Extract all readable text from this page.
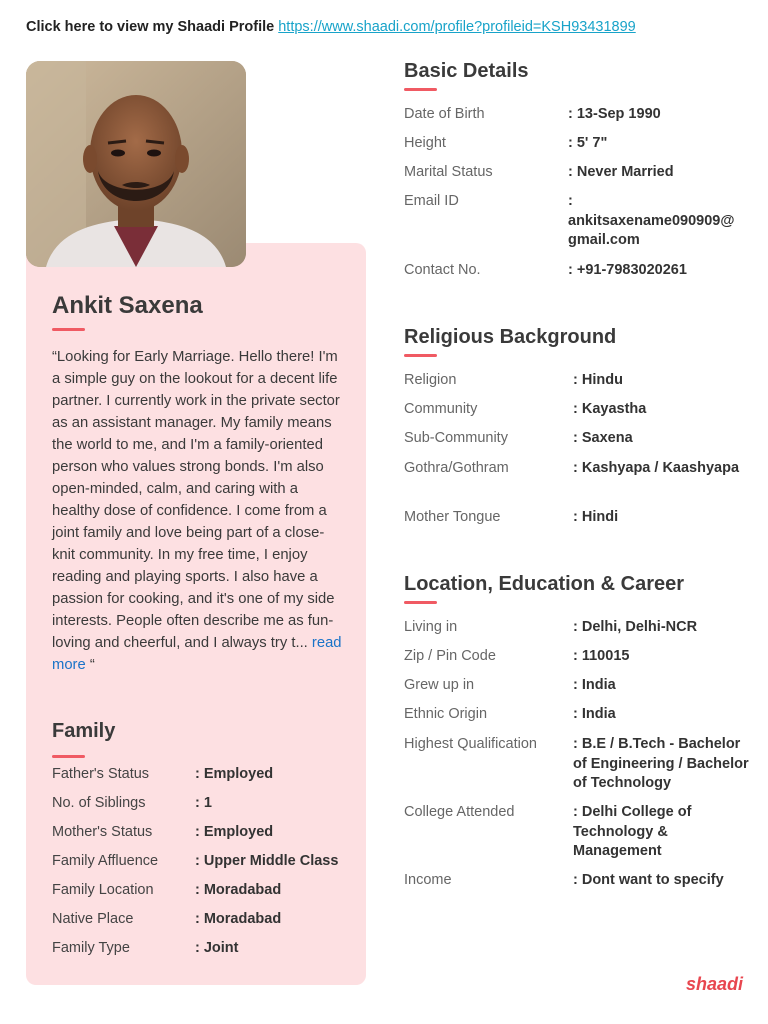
Click here to view my Shaadi Profile https://www.shaadi.com/profile?profileid=KSH93431899
Ankit Saxena
“Looking for Early Marriage. Hello there! I'm a simple guy on the lookout for a decent life partner. I currently work in the private sector as an assistant manager. My family means the world to me, and I'm a family-oriented person who values strong bonds. I'm also open-minded, calm, and caring with a healthy dose of confidence. I come from a joint family and love being part of a close-knit community. In my free time, I enjoy reading and playing sports. I also have a passion for cooking, and it's one of my side interests. People often describe me as fun-loving and cheerful, and I always try t... read more “
Family
Father's Status	: Employed
No. of Siblings	: 1
Mother's Status	: Employed
Family Affluence	: Upper Middle Class
Family Location	: Moradabad
Native Place	: Moradabad
Family Type	: Joint
Basic Details
Date of Birth	: 13-Sep 1990
Height	: 5' 7"
Marital Status	: Never Married
Email ID	:
ankitsaxename090909@
gmail.com
Contact No.	: +91-7983020261
Religious Background
Religion	: Hindu
Community	: Kayastha
Sub-Community	: Saxena
Gothra/Gothram	: Kashyapa / Kaashyapa
Mother Tongue	: Hindi
Location, Education & Career
Living in	: Delhi, Delhi-NCR
Zip / Pin Code	: 110015
Grew up in	: India
Ethnic Origin	: India
Highest Qualification : B.E / B.Tech - Bachelor of Engineering / Bachelor of Technology
College Attended	: Delhi College of Technology & Management
Income	: Dont want to specify
shaadi
